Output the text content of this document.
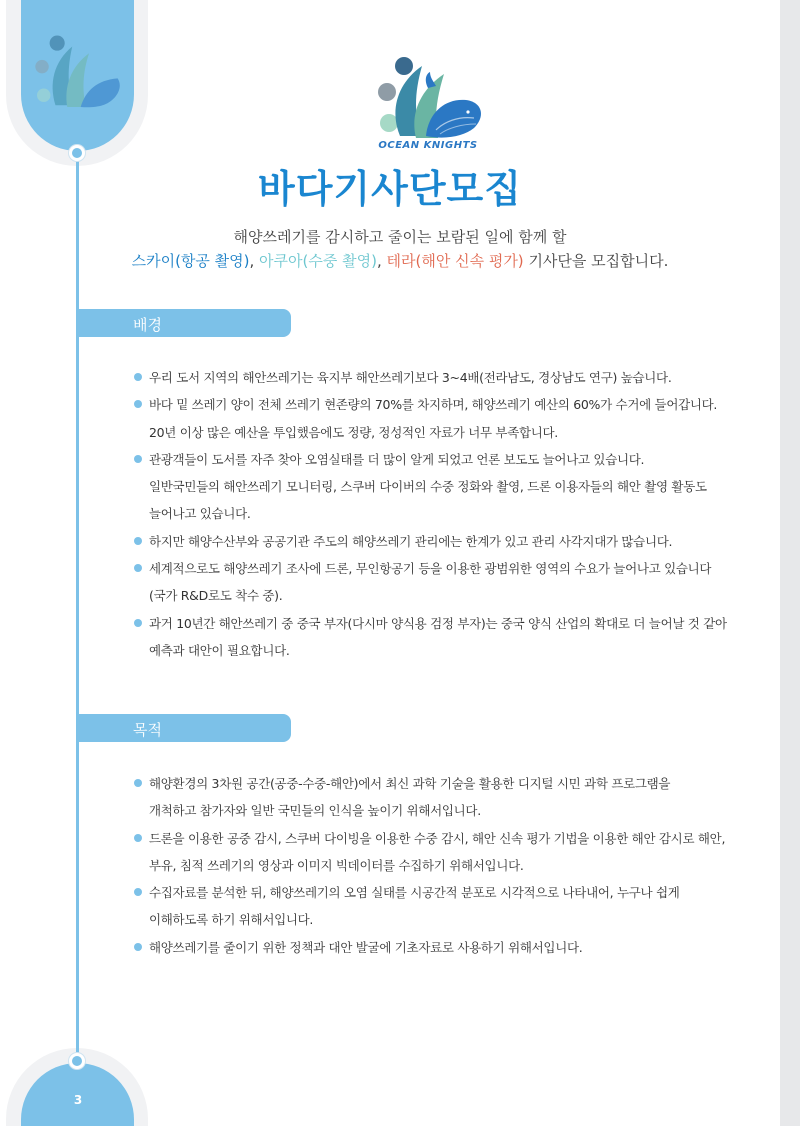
3
OCEAN KNIGHTS
바다기사단모집
해양쓰레기를 감시하고 줄이는 보람된 일에 함께 할
스카이(항공 촬영), 아쿠아(수중 촬영), 테라(해안 신속 평가) 기사단을 모집합니다.
배경
우리 도서 지역의 해안쓰레기는 육지부 해안쓰레기보다 3~4배(전라남도, 경상남도 연구) 높습니다.
바다 밑 쓰레기 양이 전체 쓰레기 현존량의 70%를 차지하며, 해양쓰레기 예산의 60%가 수거에 들어갑니다.
20년 이상 많은 예산을 투입했음에도 정량, 정성적인 자료가 너무 부족합니다.
관광객들이 도서를 자주 찾아 오염실태를 더 많이 알게 되었고 언론 보도도 늘어나고 있습니다.
일반국민들의 해안쓰레기 모니터링, 스쿠버 다이버의 수중 정화와 촬영, 드론 이용자들의 해안 촬영 활동도
늘어나고 있습니다.
하지만 해양수산부와 공공기관 주도의 해양쓰레기 관리에는 한계가 있고 관리 사각지대가 많습니다.
세계적으로도 해양쓰레기 조사에 드론, 무인항공기 등을 이용한 광범위한 영역의 수요가 늘어나고 있습니다
(국가 R&D로도 착수 중).
과거 10년간 해안쓰레기 중 중국 부자(다시마 양식용 검정 부자)는 중국 양식 산업의 확대로 더 늘어날 것 같아
예측과 대안이 필요합니다.
목적
해양환경의 3차원 공간(공중-수중-해안)에서 최신 과학 기술을 활용한 디지털 시민 과학 프로그램을
개척하고 참가자와 일반 국민들의 인식을 높이기 위해서입니다.
드론을 이용한 공중 감시, 스쿠버 다이빙을 이용한 수중 감시, 해안 신속 평가 기법을 이용한 해안 감시로 해안,
부유, 침적 쓰레기의 영상과 이미지 빅데이터를 수집하기 위해서입니다.
수집자료를 분석한 뒤, 해양쓰레기의 오염 실태를 시공간적 분포로 시각적으로 나타내어, 누구나 쉽게
이해하도록 하기 위해서입니다.
해양쓰레기를 줄이기 위한 정책과 대안 발굴에 기초자료로 사용하기 위해서입니다.
